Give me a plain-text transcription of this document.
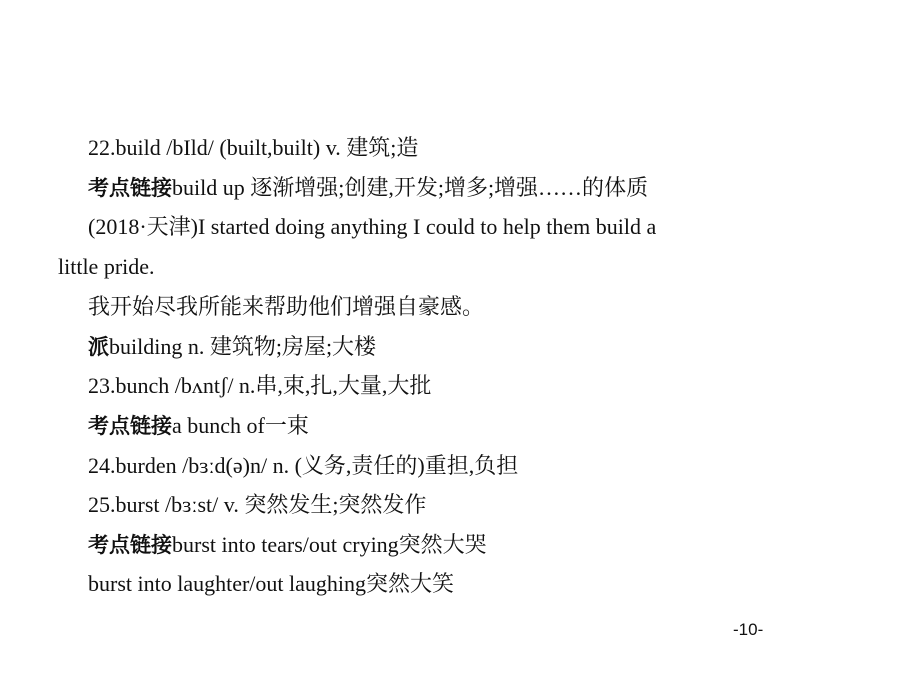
22.build /bIld/ (built,built) v. 建筑;造
考点链接build up 逐渐增强;创建,开发;增多;增强……的体质
(2018·天津)I started doing anything I could to help them build a
little pride.
我开始尽我所能来帮助他们增强自豪感。
派building n. 建筑物;房屋;大楼
23.bunch /bʌntʃ/ n.串,束,扎,大量,大批
考点链接a bunch of一束
24.burden /bɜːd(ə)n/ n. (义务,责任的)重担,负担
25.burst /bɜːst/ v. 突然发生;突然发作
考点链接burst into tears/out crying突然大哭
burst into laughter/out laughing突然大笑
-10-
